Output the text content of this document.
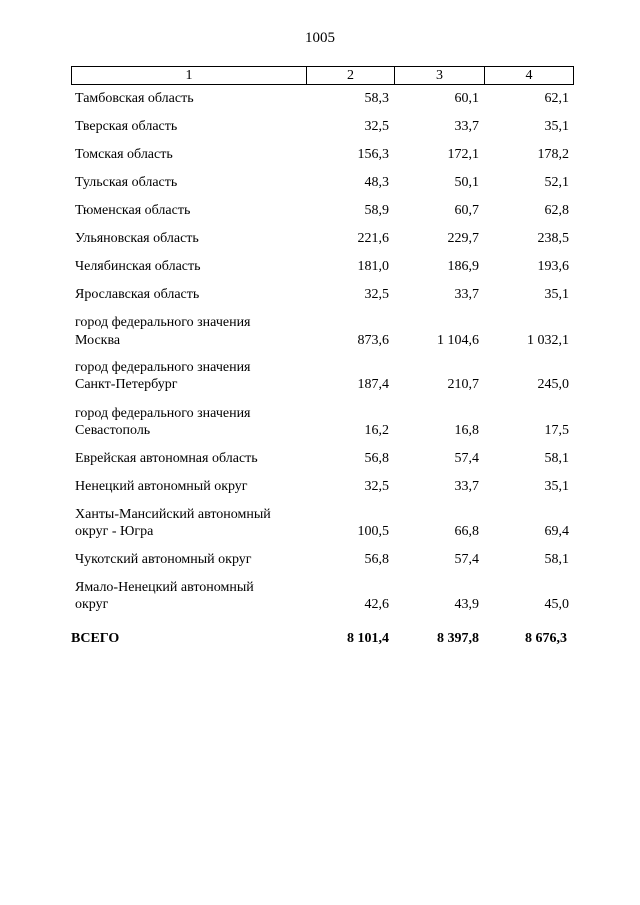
1005
1	2	3	4
Тамбовская область	58,3	60,1	62,1
Тверская область	32,5	33,7	35,1
Томская область	156,3	172,1	178,2
Тульская область	48,3	50,1	52,1
Тюменская область	58,9	60,7	62,8
Ульяновская область	221,6	229,7	238,5
Челябинская область	181,0	186,9	193,6
Ярославская область	32,5	33,7	35,1
город федерального значения
Москва	873,6	1 104,6	1 032,1
город федерального значения
Санкт-Петербург	187,4	210,7	245,0
город федерального значения
Севастополь	16,2	16,8	17,5
Еврейская автономная область	56,8	57,4	58,1
Ненецкий автономный округ	32,5	33,7	35,1
Ханты-Мансийский автономный
округ - Югра	100,5	66,8	69,4
Чукотский автономный округ	56,8	57,4	58,1
Ямало-Ненецкий автономный
округ	42,6	43,9	45,0
ВСЕГО	8 101,4	8 397,8	8 676,3
